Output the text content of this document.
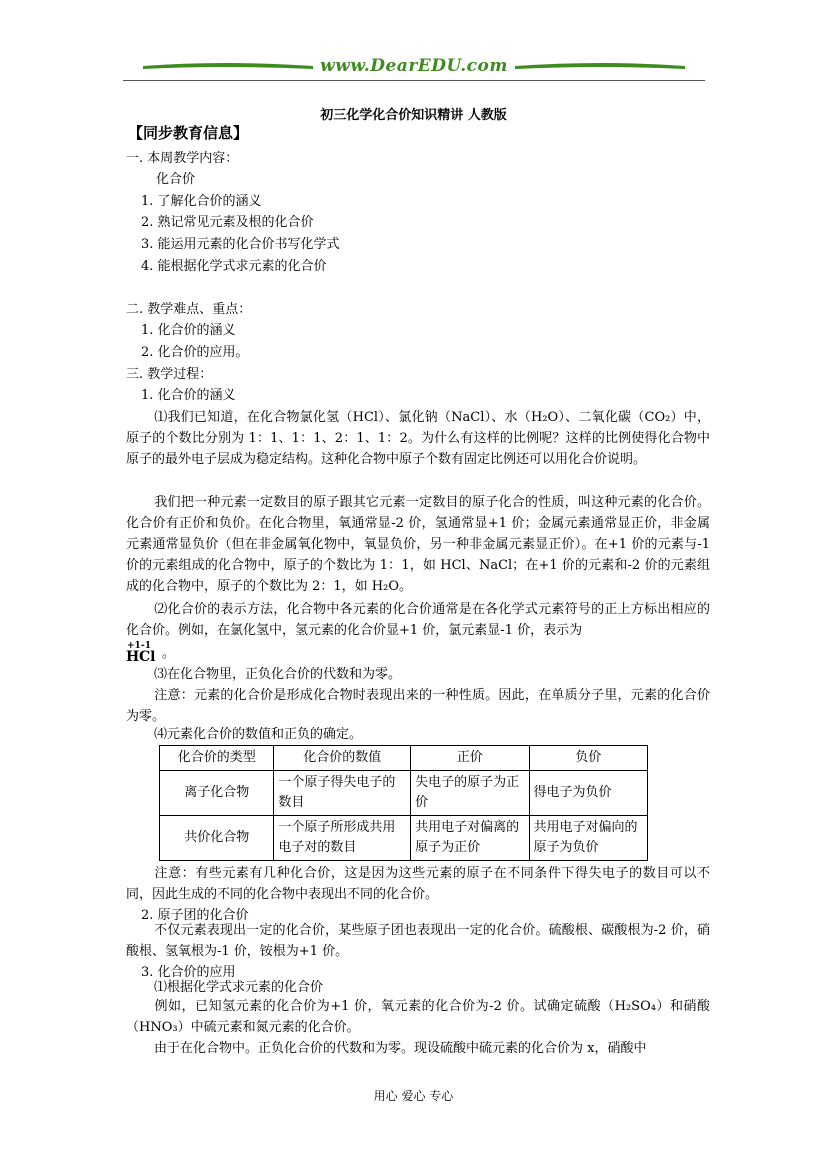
www.DearEDU.com
初三化学化合价知识精讲 人教版
【同步教育信息】
一. 本周教学内容：
化合价
1. 了解化合价的涵义
2. 熟记常见元素及根的化合价
3. 能运用元素的化合价书写化学式
4. 能根据化学式求元素的化合价
二. 教学难点、重点：
1. 化合价的涵义
2. 化合价的应用。
三. 教学过程：
1. 化合价的涵义
⑴我们已知道，在化合物氯化氢（HCl）、氯化钠（NaCl）、水（H₂O）、二氧化碳（CO₂）中，原子的个数比分别为 1：1、1：1、2：1、1：2。为什么有这样的比例呢？这样的比例使得化合物中原子的最外电子层成为稳定结构。这种化合物中原子个数有固定比例还可以用化合价说明。
我们把一种元素一定数目的原子跟其它元素一定数目的原子化合的性质，叫这种元素的化合价。化合价有正价和负价。在化合物里，氧通常显-2 价，氢通常显+1 价；金属元素通常显正价，非金属元素通常显负价（但在非金属氧化物中，氧显负价，另一种非金属元素显正价）。在+1 价的元素与-1 价的元素组成的化合物中，原子的个数比为 1：1，如 HCl、NaCl；在+1 价的元素和-2 价的元素组成的化合物中，原子的个数比为 2：1，如 H₂O。
⑵化合价的表示方法，化合物中各元素的化合价通常是在各化学式元素符号的正上方标出相应的化合价。例如，在氯化氢中，氢元素的化合价显+1 价，氯元素显-1 价，表示为
+1 -1
H Cl 。
⑶在化合物里，正负化合价的代数和为零。
注意：元素的化合价是形成化合物时表现出来的一种性质。因此，在单质分子里，元素的化合价为零。
⑷元素化合价的数值和正负的确定。
化合价的类型	化合价的数值	正价	负价
离子化合物	一个原子得失电子的数目	失电子的原子为正价	得电子为负价
共价化合物	一个原子所形成共用电子对的数目	共用电子对偏离的原子为正价	共用电子对偏向的原子为负价
注意：有些元素有几种化合价，这是因为这些元素的原子在不同条件下得失电子的数目可以不同，因此生成的不同的化合物中表现出不同的化合价。
2. 原子团的化合价
不仅元素表现出一定的化合价，某些原子团也表现出一定的化合价。硫酸根、碳酸根为-2 价，硝酸根、氢氧根为-1 价，铵根为+1 价。
3. 化合价的应用
⑴根据化学式求元素的化合价
例如，已知氢元素的化合价为+1 价，氧元素的化合价为-2 价。试确定硫酸（H₂SO₄）和硝酸（HNO₃）中硫元素和氮元素的化合价。
由于在化合物中。正负化合价的代数和为零。现设硫酸中硫元素的化合价为 x，硝酸中
用心 爱心 专心
